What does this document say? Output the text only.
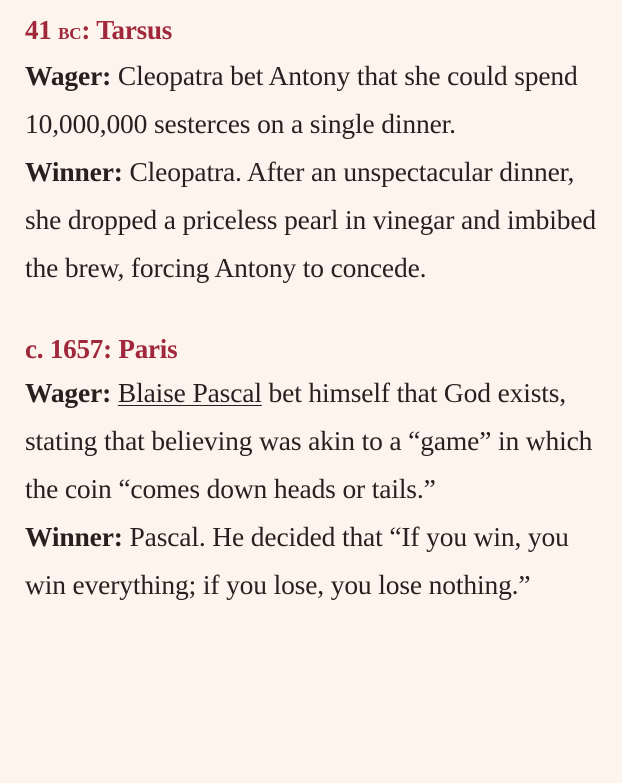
41 bc: Tarsus

Wager: Cleopatra bet Antony that she could spend 10,000,000 sesterces on a single dinner.

Winner: Cleopatra. After an unspectacular dinner, she dropped a priceless pearl in vinegar and imbibed the brew, forcing Antony to concede.

c. 1657: Paris

Wager: Blaise Pascal bet himself that God exists, stating that believing was akin to a “game” in which the coin “comes down heads or tails.”

Winner: Pascal. He decided that “If you win, you win everything; if you lose, you lose nothing.”
